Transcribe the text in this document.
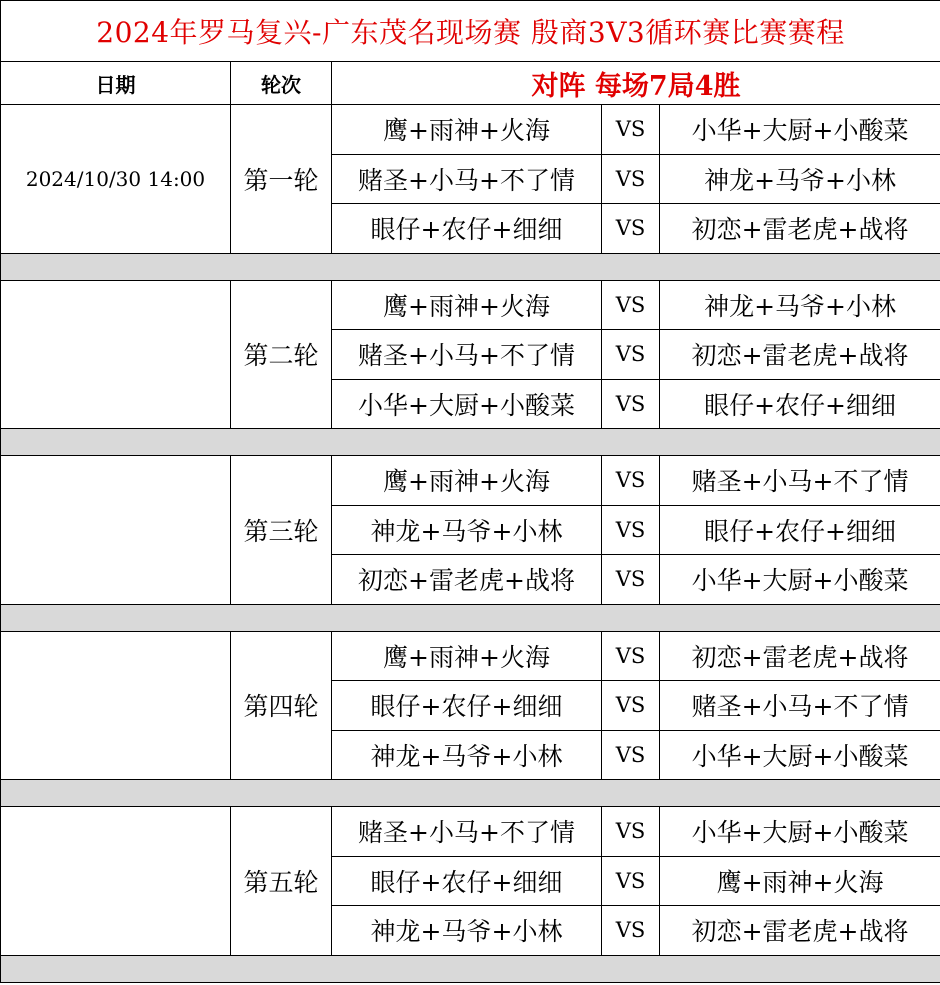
2024年罗马复兴-广东茂名现场赛 殷商3V3循环赛比赛赛程				
日期	轮次	对阵 每场7局4胜		
2024/10/30 14:00	第一轮	鹰+雨神+火海	VS	小华+大厨+小酸菜
		赌圣+小马+不了情	VS	神龙+马爷+小林
		眼仔+农仔+细细	VS	初恋+雷老虎+战将

	第二轮	鹰+雨神+火海	VS	神龙+马爷+小林
		赌圣+小马+不了情	VS	初恋+雷老虎+战将
		小华+大厨+小酸菜	VS	眼仔+农仔+细细

	第三轮	鹰+雨神+火海	VS	赌圣+小马+不了情
		神龙+马爷+小林	VS	眼仔+农仔+细细
		初恋+雷老虎+战将	VS	小华+大厨+小酸菜

	第四轮	鹰+雨神+火海	VS	初恋+雷老虎+战将
		眼仔+农仔+细细	VS	赌圣+小马+不了情
		神龙+马爷+小林	VS	小华+大厨+小酸菜

	第五轮	赌圣+小马+不了情	VS	小华+大厨+小酸菜
		眼仔+农仔+细细	VS	鹰+雨神+火海
		神龙+马爷+小林	VS	初恋+雷老虎+战将
